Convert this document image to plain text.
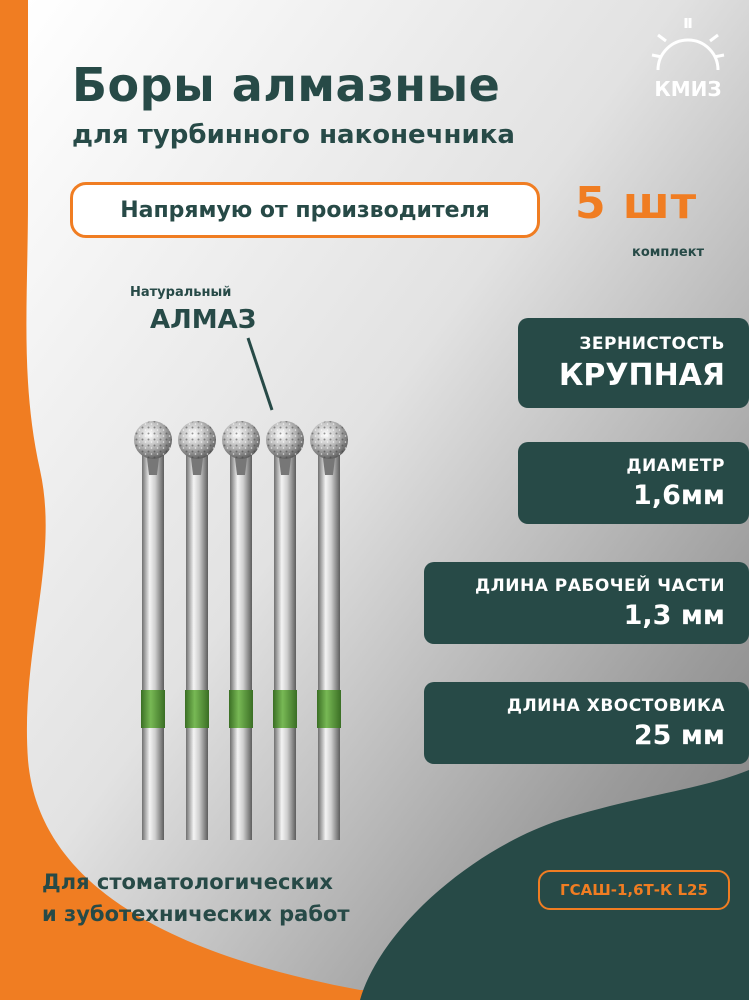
КМИЗ
Боры алмазные
для турбинного наконечника
Напрямую от производителя 5 шт
комплект
Натуральный
АЛМАЗ
ЗЕРНИСТОСТЬ
КРУПНАЯ
ДИАМЕТР
1,6мм
ДЛИНА РАБОЧЕЙ ЧАСТИ
1,3 мм
ДЛИНА ХВОСТОВИКА
25 мм
Для стоматологических
и зуботехнических работ
ГСАШ-1,6Т-К L25
